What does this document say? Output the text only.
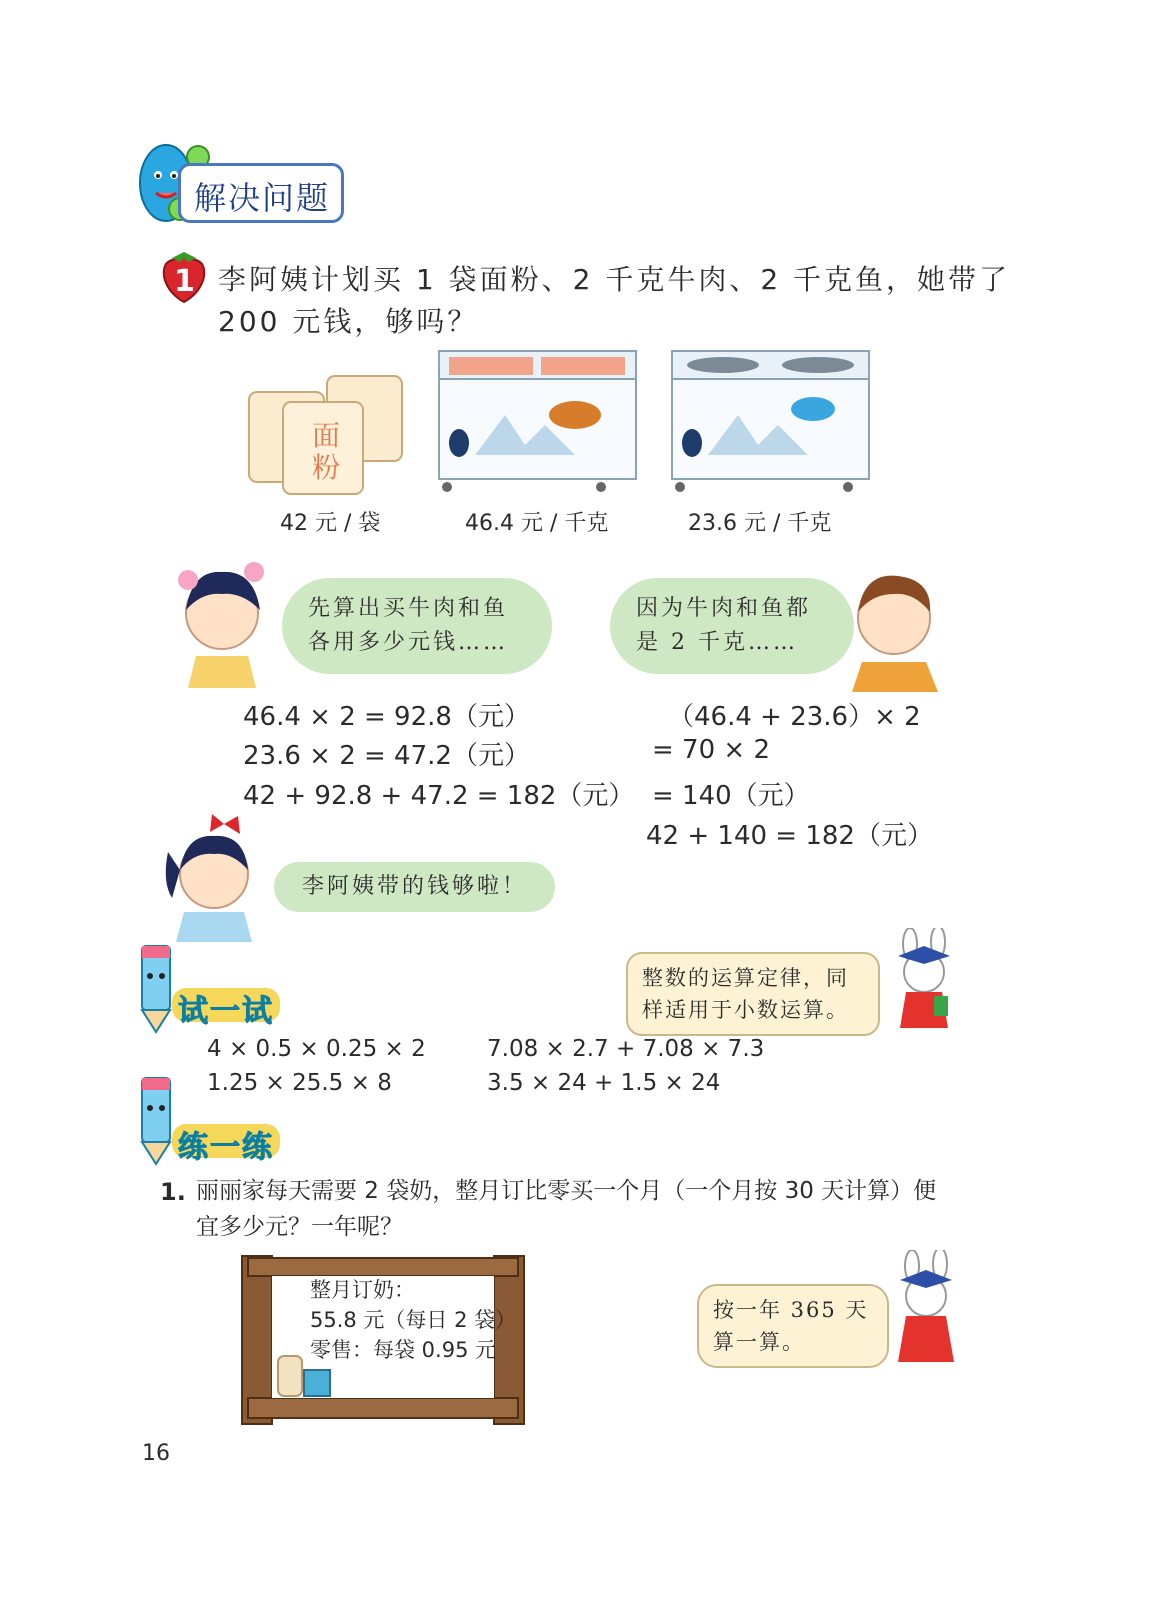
解决问题
1 李阿姨计划买 1 袋面粉、2 千克牛肉、2 千克鱼，她带了
200 元钱，够吗？
面粉
42 元 / 袋	46.4 元 / 千克	23.6 元 / 千克
先算出买牛肉和鱼
各用多少元钱……
因为牛肉和鱼都
是 2 千克……
46.4 × 2 = 92.8（元）
23.6 × 2 = 47.2（元）
42 + 92.8 + 47.2 = 182（元）
（46.4 + 23.6）× 2
= 70 × 2
= 140（元）
42 + 140 = 182（元）
李阿姨带的钱够啦！
试一试
整数的运算定律，同
样适用于小数运算。
4 × 0.5 × 0.25 × 2	7.08 × 2.7 + 7.08 × 7.3
1.25 × 25.5 × 8	3.5 × 24 + 1.5 × 24
练一练
1. 丽丽家每天需要 2 袋奶，整月订比零买一个月（一个月按 30 天计算）便
宜多少元？一年呢？
整月订奶：
55.8 元（每日 2 袋）
零售：每袋 0.95 元
按一年 365 天
算一算。
16
